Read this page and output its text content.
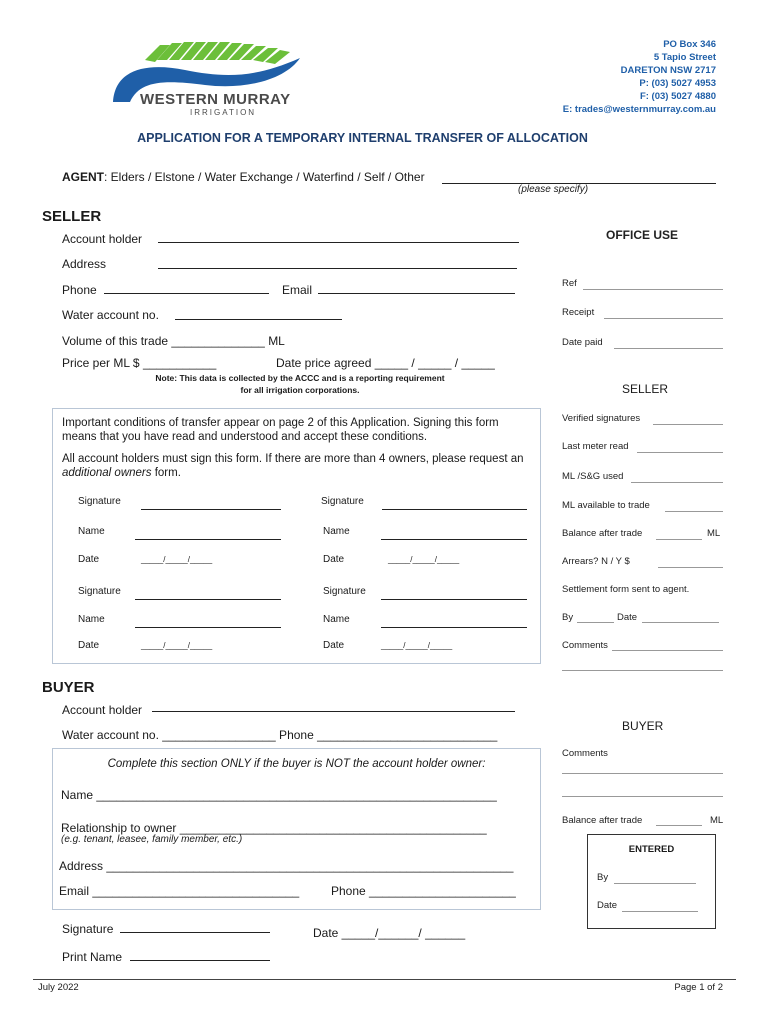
WESTERN MURRAY
IRRIGATION
PO Box 346
5 Tapio Street
DARETON NSW 2717
P: (03) 5027 4953
F: (03) 5027 4880
E: trades@westernmurray.com.au
APPLICATION FOR A TEMPORARY INTERNAL TRANSFER OF ALLOCATION
AGENT: Elders / Elstone / Water Exchange / Waterfind / Self / Other
(please specify)
SELLER
Account holder
Address
Phone	Email
Water account no.
Volume of this trade ______________ ML
Price per ML $ ___________	Date price agreed _____ / _____ / _____
Note: This data is collected by the ACCC and is a reporting requirement
for all irrigation corporations.
Important conditions of transfer appear on page 2 of this Application. Signing this form means that you have read and understood and accept these conditions.
All account holders must sign this form. If there are more than 4 owners, please request an additional owners form.
Signature
Name
Date	_____/_____/_____
Signature
Name
Date	_____/_____/_____
Signature
Name
Date	_____/_____/_____
Signature
Name
Date	_____/_____/_____
BUYER
Account holder
Water account no. _________________ Phone ___________________________
Complete this section ONLY if the buyer is NOT the account holder owner:
Name ____________________________________________________________
Relationship to owner ______________________________________________
(e.g. tenant, leasee, family member, etc.)
Address _____________________________________________________________
Email _______________________________	Phone ______________________
Signature	Date _____/______/ ______
Print Name
OFFICE USE
Ref
Receipt
Date paid
SELLER
Verified signatures
Last meter read
ML /S&G used
ML available to trade
Balance after trade	ML
Arrears? N / Y $
Settlement form sent to agent.
By	Date
Comments
BUYER
Comments
Balance after trade	ML
ENTERED
By
Date
July 2022	Page 1 of 2
